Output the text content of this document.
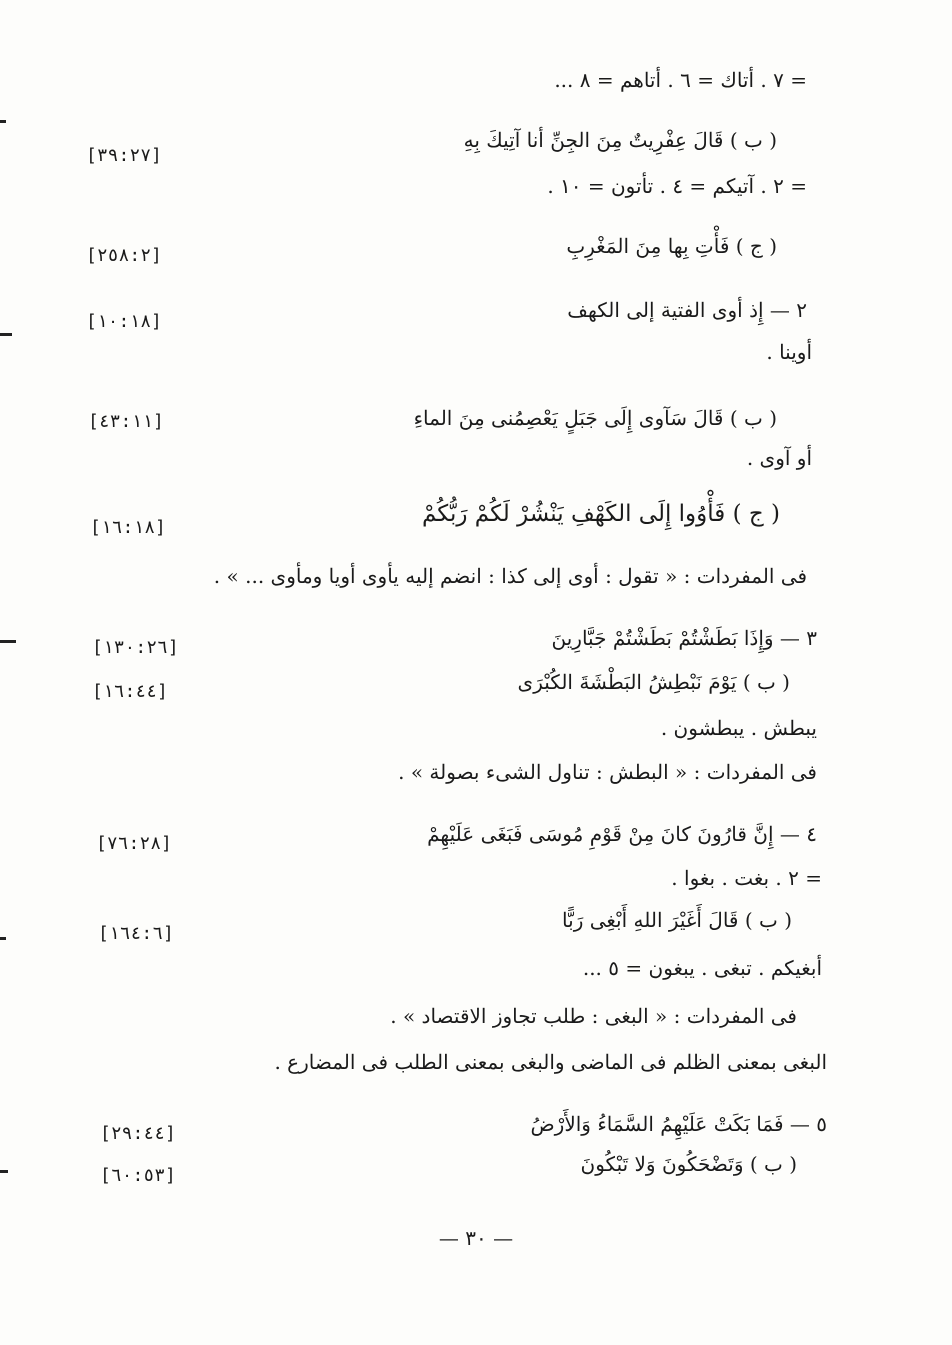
= ٧ . أتاك = ٦ . أتاهم = ٨ ...
( ب ) قَالَ عِفْرِيتٌ مِنَ الجِنِّ أنا آتِيكَ بِهِ
[٣٩:٢٧]
= ٢ . آتيكم = ٤ . تأتون = ١٠ .
( ج ) فَأْتِ بِها مِنَ المَغْرِبِ
[٢٥٨:٢]
٢ — إِذ أوى الفتية إلى الكهف
[١٠:١٨]
أوينا .
( ب ) قَالَ سَآوى إِلَى جَبَلٍ يَعْصِمُنى مِنَ الماءِ
[٤٣:١١]
أو آوى .
( ج ) فَأْوُوا إِلَى الكَهْفِ يَنْشُرْ لَكُمْ رَبُّكُمْ
[١٦:١٨]
فى المفردات : « تقول : أوى إلى كذا : انضم إليه يأوى أويا ومأوى ... » .
٣ — وَإِذَا بَطَشْتُمْ بَطَشْتُمْ جَبَّارِينَ
[١٣٠:٢٦]
( ب ) يَوْمَ نَبْطِشُ البَطْشَةَ الكُبْرَى
[١٦:٤٤]
يبطش . يبطشون .
فى المفردات : « البطش : تناول الشىء بصولة » .
٤ — إِنَّ قارُونَ كانَ مِنْ قَوْمِ مُوسَى فَبَغَى عَلَيْهِمْ
[٧٦:٢٨]
= ٢ . بغت . بغوا .
( ب ) قَالَ أَغَيْرَ اللهِ أَبْغِى رَبًّا
[١٦٤:٦]
أبغيكم . تبغى . يبغون = ٥ ...
فى المفردات : « البغى : طلب تجاوز الاقتصاد » .
البغى بمعنى الظلم فى الماضى والبغى بمعنى الطلب فى المضارع .
٥ — فَمَا بَكَتْ عَلَيْهِمُ السَّمَاءُ وَالأَرْضُ
[٢٩:٤٤]
( ب ) وَتَضْحَكُونَ وَلا تَبْكُونَ
[٦٠:٥٣]
— ٣٠ —
